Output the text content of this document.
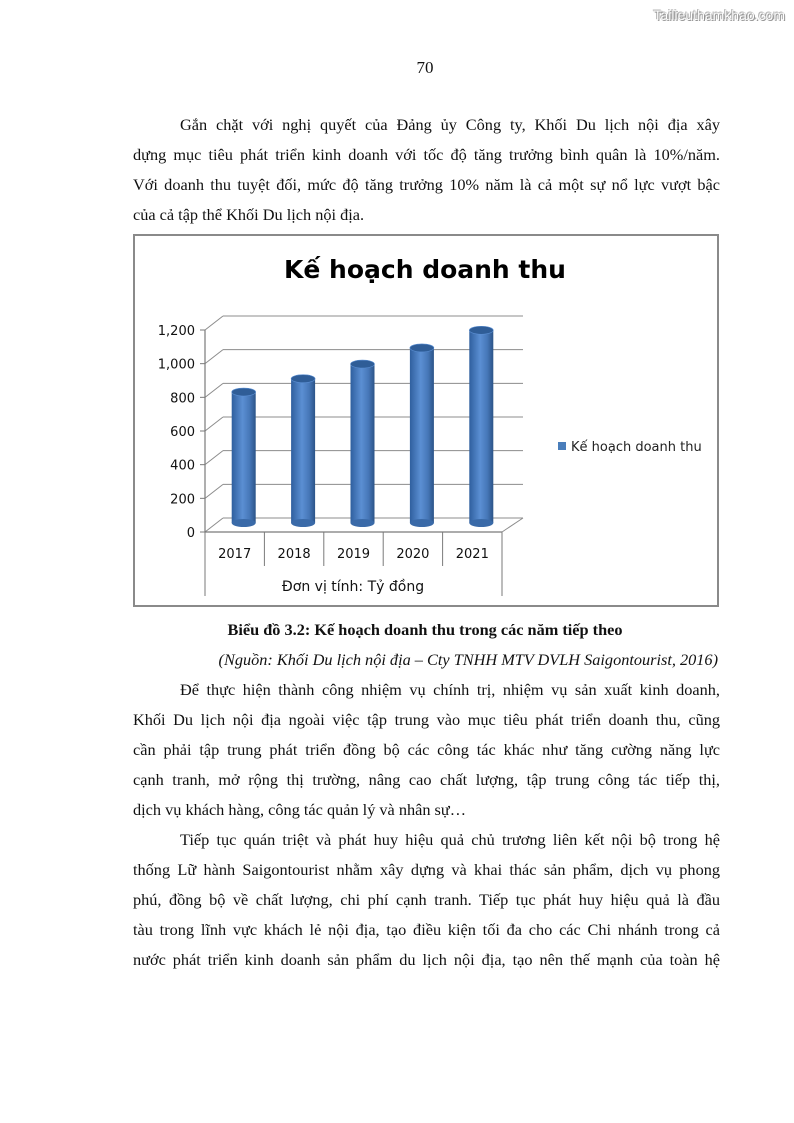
Tailieuthamkhao.com
70

Gắn chặt với nghị quyết của Đảng ủy Công ty, Khối Du lịch nội địa xây
dựng mục tiêu phát triển kinh doanh với tốc độ tăng trưởng bình quân là 10%/năm.
Với doanh thu tuyệt đối, mức độ tăng trưởng 10% năm là cả một sự nổ lực vượt bậc
của cả tập thể Khối Du lịch nội địa.

Kế hoạch doanh thu
0
200
400
600
800
1,000
1,200
2017 2018 2019 2020 2021
Kế hoạch doanh thu
Đơn vị tính: Tỷ đồng
Biểu đồ 3.2: Kế hoạch doanh thu trong các năm tiếp theo
(Nguồn: Khối Du lịch nội địa – Cty TNHH MTV DVLH Saigontourist, 2016)

Để thực hiện thành công nhiệm vụ chính trị, nhiệm vụ sản xuất kinh doanh,
Khối Du lịch nội địa ngoài việc tập trung vào mục tiêu phát triển doanh thu, cũng
cần phải tập trung phát triển đồng bộ các công tác khác như tăng cường năng lực
cạnh tranh, mở rộng thị trường, nâng cao chất lượng, tập trung công tác tiếp thị,
dịch vụ khách hàng, công tác quản lý và nhân sự…

Tiếp tục quán triệt và phát huy hiệu quả chủ trương liên kết nội bộ trong hệ
thống Lữ hành Saigontourist nhằm xây dựng và khai thác sản phẩm, dịch vụ phong
phú, đồng bộ về chất lượng, chi phí cạnh tranh. Tiếp tục phát huy hiệu quả là đầu
tàu trong lĩnh vực khách lẻ nội địa, tạo điều kiện tối đa cho các Chi nhánh trong cả
nước phát triển kinh doanh sản phẩm du lịch nội địa, tạo nên thế mạnh của toàn hệ
